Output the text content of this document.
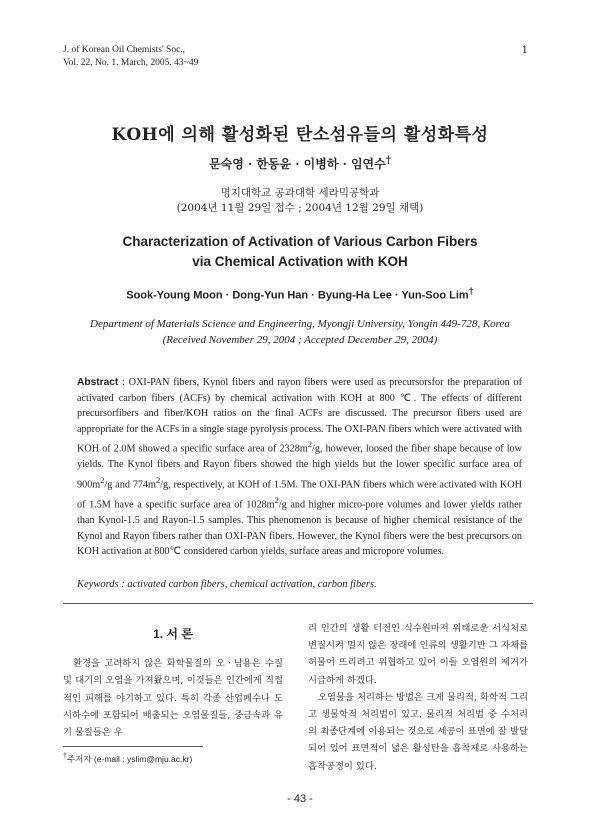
J. of Korean Oil Chemists' Soc.,
Vol. 22, No. 1. March, 2005. 43~49
1
KOH에 의해 활성화된 탄소섬유들의 활성화특성
문숙영 · 한동윤 · 이병하 · 임연수†
명지대학교 공과대학 세라믹공학과
(2004년 11월 29일 접수 ; 2004년 12월 29일 채택)
Characterization of Activation of Various Carbon Fibers
via Chemical Activation with KOH
Sook-Young Moon · Dong-Yun Han · Byung-Ha Lee · Yun-Soo Lim†
Department of Materials Science and Engineering, Myongji University, Yongin 449-728, Korea
(Received November 29, 2004 ; Accepted December 29, 2004)
Abstract : OXI-PAN fibers, Kynol fibers and rayon fibers were used as precursorsfor the preparation of activated carbon fibers (ACFs) by chemical activation with KOH at 800 ℃. The effects of different precursorfibers and fiber/KOH ratios on the final ACFs are discussed. The precursor fibers used are appropriate for the ACFs in a single stage pyrolysis process. The OXI-PAN fibers which were activated with KOH of 2.0M showed a specific surface area of $2328m^2/g$, however, loosed the fiber shape because of low yields. The Kynol fibers and Rayon fibers showed the high yields but the lower specific surface area of $900m^2/g$ and $774m^2/g$, respectively, at KOH of 1.5M. The OXI-PAN fibers which were activated with KOH of 1.5M have a specific surface area of $1028m^2/g$ and higher micro-pore volumes and lower yields rather than Kynol-1.5 and Rayon-1.5 samples. This phenomenon is because of higher chemical resistance of the Kynol and Rayon fibers rather than OXI-PAN fibers. However, the Kynol fibers were the best precursors on KOH activation at 800℃ considered carbon yields, surface areas and micropore volumes.
Keywords : activated carbon fibers, chemical activation, carbon fibers.
1. 서 론

환경을 고려하지 않은 화학물질의 오ㆍ남용은 수질 및 대기의 오염을 가져왔으며, 이것들은 인간에게 직접적인 피해를 야기하고 있다. 특히 각종 산업폐수나 도시하수에 포함되어 배출되는 오염물질들, 중금속과 유기 물질들은 우

리 인간의 생활 터전인 식수원마저 위태로운 서식처로 변질시켜 멀지 않은 장래에 인류의 생활기반 그 자체를 허물어 뜨리려고 위협하고 있어 이들 오염원의 제거가 시급하게 하겠다.

오염물을 처리하는 방법은 크게 물리적, 화학적 그리고 생물학적 처리법이 있고, 물리적 처리법 중 수처리의 최종단계에 이용되는 것으로 세공이 표면에 잘 발달되어 있어 표면적이 넓은 활성탄을 흡착제로 사용하는 흡착공정이 있다.

†주저자 (e-mail : yslim@mju.ac.kr)
- 43 -
